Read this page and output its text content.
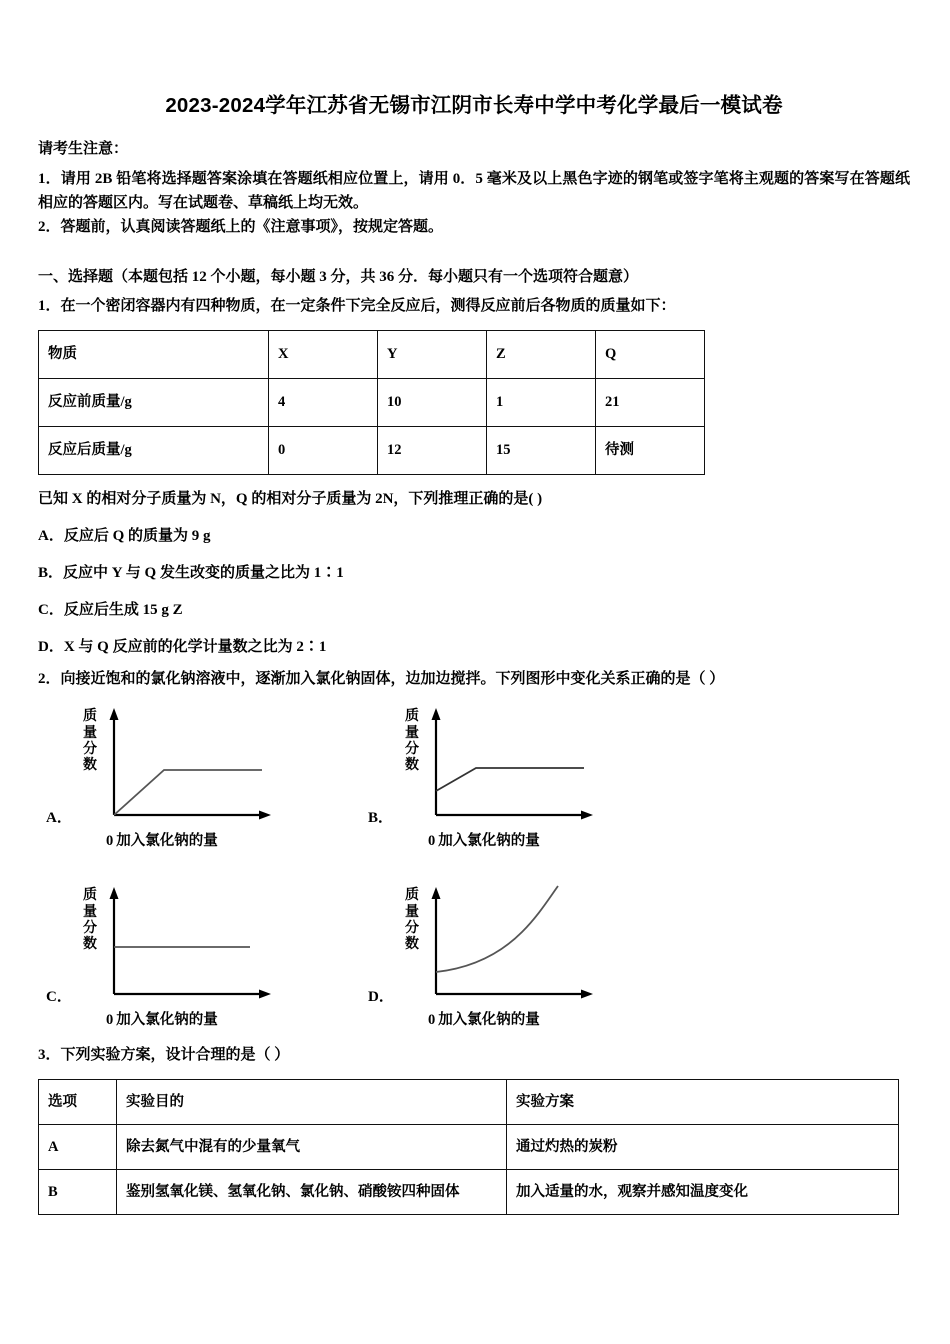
2023-2024学年江苏省无锡市江阴市长寿中学中考化学最后一模试卷

请考生注意：

1．请用 2B 铅笔将选择题答案涂填在答题纸相应位置上，请用 0．5 毫米及以上黑色字迹的钢笔或签字笔将主观题的答案写在答题纸相应的答题区内。写在试题卷、草稿纸上均无效。

2．答题前，认真阅读答题纸上的《注意事项》，按规定答题。

一、选择题（本题包括 12 个小题，每小题 3 分，共 36 分．每小题只有一个选项符合题意）

1．在一个密闭容器内有四种物质，在一定条件下完全反应后，测得反应前后各物质的质量如下：

物质	X	Y	Z	Q
反应前质量/g	4	10	1	21
反应后质量/g	0	12	15	待测

已知 X 的相对分子质量为 N，Q 的相对分子质量为 2N，下列推理正确的是( )

A．反应后 Q 的质量为 9 g

B．反应中 Y 与 Q 发生改变的质量之比为 1∶1

C．反应后生成 15 g Z

D．X 与 Q 反应前的化学计量数之比为 2∶1

2．向接近饱和的氯化钠溶液中，逐渐加入氯化钠固体，边加边搅拌。下列图形中变化关系正确的是（ ）

A．
质
量
分
数
0 加入氯化钠的量
B．
质
量
分
数
0 加入氯化钠的量
C．
质
量
分
数
0 加入氯化钠的量
D．
质
量
分
数
0 加入氯化钠的量

3．下列实验方案，设计合理的是（ ）

选项	实验目的	实验方案
A	除去氮气中混有的少量氧气	通过灼热的炭粉
B	鉴别氢氧化镁、氢氧化钠、氯化钠、硝酸铵四种固体	加入适量的水，观察并感知温度变化
